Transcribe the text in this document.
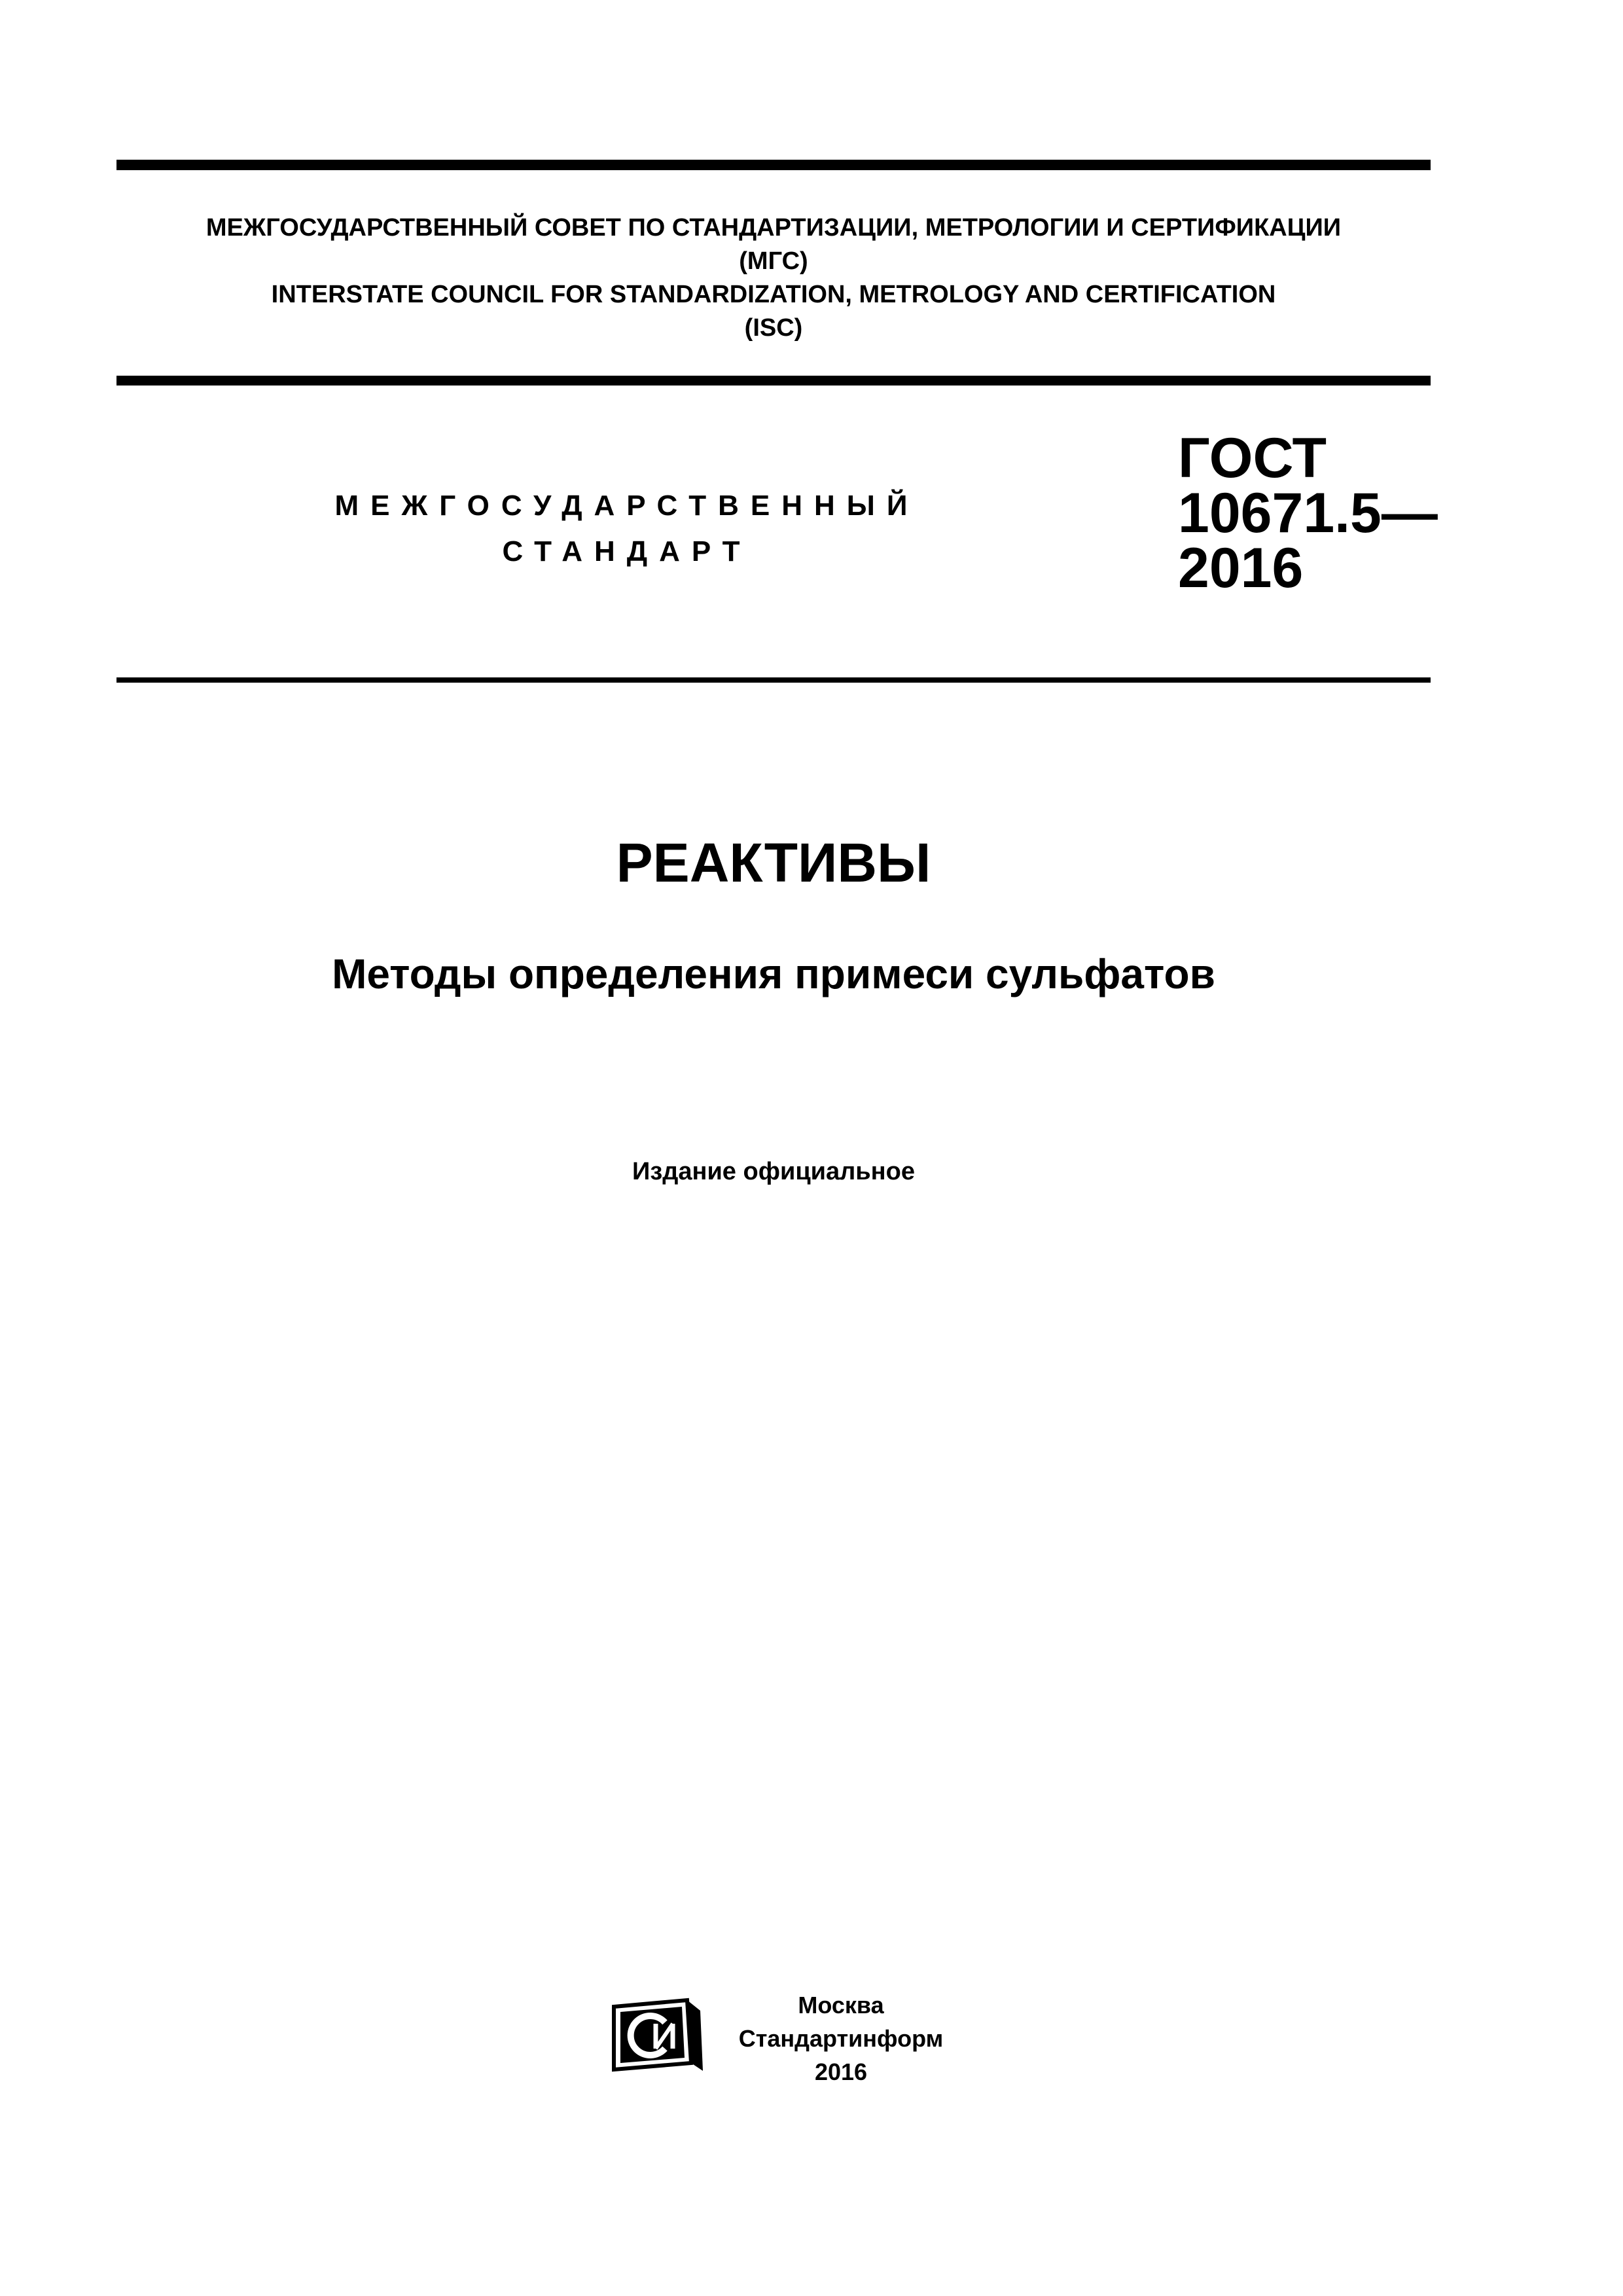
МЕЖГОСУДАРСТВЕННЫЙ СОВЕТ ПО СТАНДАРТИЗАЦИИ, МЕТРОЛОГИИ И СЕРТИФИКАЦИИ
(МГС)
INTERSTATE COUNCIL FOR STANDARDIZATION, METROLOGY AND CERTIFICATION
(ISC)
МЕЖГОСУДАРСТВЕННЫЙ
СТАНДАРТ
ГОСТ
10671.5—
2016
РЕАКТИВЫ
Методы определения примеси сульфатов
Издание официальное
Москва
Стандартинформ
2016
